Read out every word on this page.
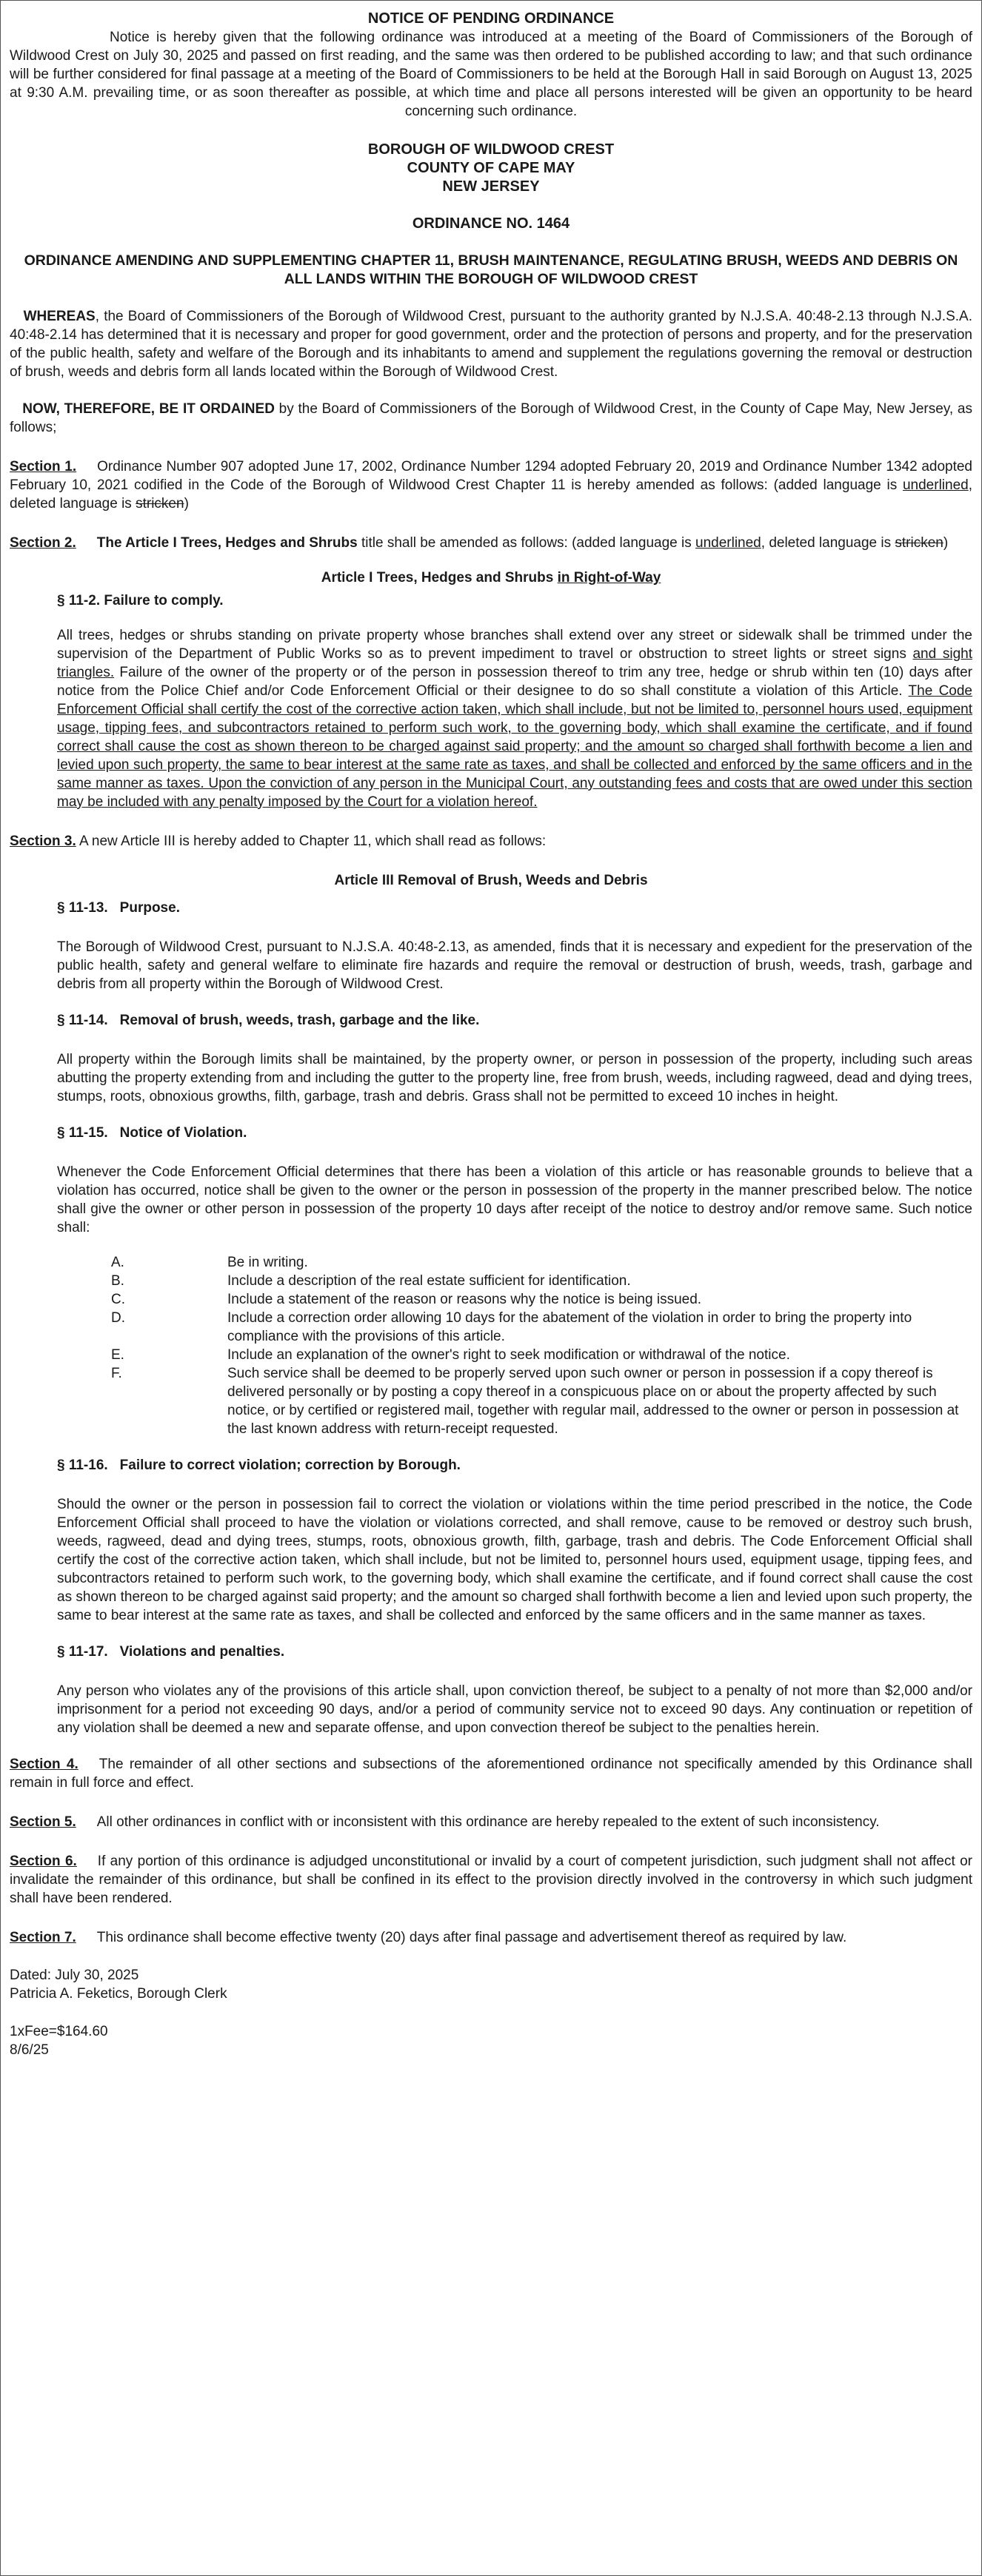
NOTICE OF PENDING ORDINANCE

Notice is hereby given that the following ordinance was introduced at a meeting of the Board of Commissioners of the Borough of Wildwood Crest on July 30, 2025 and passed on first reading, and the same was then ordered to be published according to law; and that such ordinance will be further considered for final passage at a meeting of the Board of Commissioners to be held at the Borough Hall in said Borough on August 13, 2025 at 9:30 A.M. prevailing time, or as soon thereafter as possible, at which time and place all persons interested will be given an opportunity to be heard concerning such ordinance.

BOROUGH OF WILDWOOD CREST
COUNTY OF CAPE MAY
NEW JERSEY
ORDINANCE NO. 1464
ORDINANCE AMENDING AND SUPPLEMENTING CHAPTER 11, BRUSH MAINTENANCE, REGULATING BRUSH, WEEDS AND DEBRIS ON ALL LANDS WITHIN THE BOROUGH OF WILDWOOD CREST

WHEREAS, the Board of Commissioners of the Borough of Wildwood Crest, pursuant to the authority granted by N.J.S.A. 40:48-2.13 through N.J.S.A. 40:48-2.14 has determined that it is necessary and proper for good government, order and the protection of persons and property, and for the preservation of the public health, safety and welfare of the Borough and its inhabitants to amend and supplement the regulations governing the removal or destruction of brush, weeds and debris form all lands located within the Borough of Wildwood Crest.

NOW, THEREFORE, BE IT ORDAINED by the Board of Commissioners of the Borough of Wildwood Crest, in the County of Cape May, New Jersey, as follows;

Section 1. Ordinance Number 907 adopted June 17, 2002, Ordinance Number 1294 adopted February 20, 2019 and Ordinance Number 1342 adopted February 10, 2021 codified in the Code of the Borough of Wildwood Crest Chapter 11 is hereby amended as follows: (added language is underlined, deleted language is stricken)

Section 2. The Article I Trees, Hedges and Shrubs title shall be amended as follows: (added language is underlined, deleted language is stricken)

Article I Trees, Hedges and Shrubs in Right-of-Way
§ 11-2. Failure to comply.

All trees, hedges or shrubs standing on private property whose branches shall extend over any street or sidewalk shall be trimmed under the supervision of the Department of Public Works so as to prevent impediment to travel or obstruction to street lights or street signs and sight triangles. Failure of the owner of the property or of the person in possession thereof to trim any tree, hedge or shrub within ten (10) days after notice from the Police Chief and/or Code Enforcement Official or their designee to do so shall constitute a violation of this Article. The Code Enforcement Official shall certify the cost of the corrective action taken, which shall include, but not be limited to, personnel hours used, equipment usage, tipping fees, and subcontractors retained to perform such work, to the governing body, which shall examine the certificate, and if found correct shall cause the cost as shown thereon to be charged against said property; and the amount so charged shall forthwith become a lien and levied upon such property, the same to bear interest at the same rate as taxes, and shall be collected and enforced by the same officers and in the same manner as taxes. Upon the conviction of any person in the Municipal Court, any outstanding fees and costs that are owed under this section may be included with any penalty imposed by the Court for a violation hereof.

Section 3. A new Article III is hereby added to Chapter 11, which shall read as follows:

Article III Removal of Brush, Weeds and Debris
§ 11-13. Purpose.

The Borough of Wildwood Crest, pursuant to N.J.S.A. 40:48-2.13, as amended, finds that it is necessary and expedient for the preservation of the public health, safety and general welfare to eliminate fire hazards and require the removal or destruction of brush, weeds, trash, garbage and debris from all property within the Borough of Wildwood Crest.

§ 11-14. Removal of brush, weeds, trash, garbage and the like.

All property within the Borough limits shall be maintained, by the property owner, or person in possession of the property, including such areas abutting the property extending from and including the gutter to the property line, free from brush, weeds, including ragweed, dead and dying trees, stumps, roots, obnoxious growths, filth, garbage, trash and debris. Grass shall not be permitted to exceed 10 inches in height.

§ 11-15. Notice of Violation.

Whenever the Code Enforcement Official determines that there has been a violation of this article or has reasonable grounds to believe that a violation has occurred, notice shall be given to the owner or the person in possession of the property in the manner prescribed below. The notice shall give the owner or other person in possession of the property 10 days after receipt of the notice to destroy and/or remove same. Such notice shall:

A.	Be in writing.
B.	Include a description of the real estate sufficient for identification.
C.	Include a statement of the reason or reasons why the notice is being issued.
D.	Include a correction order allowing 10 days for the abatement of the violation in order to bring the property into compliance with the provisions of this article.
E.	Include an explanation of the owner's right to seek modification or withdrawal of the notice.
F.	Such service shall be deemed to be properly served upon such owner or person in possession if a copy thereof is delivered personally or by posting a copy thereof in a conspicuous place on or about the property affected by such notice, or by certified or registered mail, together with regular mail, addressed to the owner or person in possession at the last known address with return-receipt requested.
§ 11-16. Failure to correct violation; correction by Borough.

Should the owner or the person in possession fail to correct the violation or violations within the time period prescribed in the notice, the Code Enforcement Official shall proceed to have the violation or violations corrected, and shall remove, cause to be removed or destroy such brush, weeds, ragweed, dead and dying trees, stumps, roots, obnoxious growth, filth, garbage, trash and debris. The Code Enforcement Official shall certify the cost of the corrective action taken, which shall include, but not be limited to, personnel hours used, equipment usage, tipping fees, and subcontractors retained to perform such work, to the governing body, which shall examine the certificate, and if found correct shall cause the cost as shown thereon to be charged against said property; and the amount so charged shall forthwith become a lien and levied upon such property, the same to bear interest at the same rate as taxes, and shall be collected and enforced by the same officers and in the same manner as taxes.

§ 11-17. Violations and penalties.

Any person who violates any of the provisions of this article shall, upon conviction thereof, be subject to a penalty of not more than $2,000 and/or imprisonment for a period not exceeding 90 days, and/or a period of community service not to exceed 90 days. Any continuation or repetition of any violation shall be deemed a new and separate offense, and upon convection thereof be subject to the penalties herein.

Section 4. The remainder of all other sections and subsections of the aforementioned ordinance not specifically amended by this Ordinance shall remain in full force and effect.

Section 5. All other ordinances in conflict with or inconsistent with this ordinance are hereby repealed to the extent of such inconsistency.

Section 6. If any portion of this ordinance is adjudged unconstitutional or invalid by a court of competent jurisdiction, such judgment shall not affect or invalidate the remainder of this ordinance, but shall be confined in its effect to the provision directly involved in the controversy in which such judgment shall have been rendered.

Section 7. This ordinance shall become effective twenty (20) days after final passage and advertisement thereof as required by law.

Dated: July 30, 2025
Patricia A. Feketics, Borough Clerk
1xFee=$164.60
8/6/25
